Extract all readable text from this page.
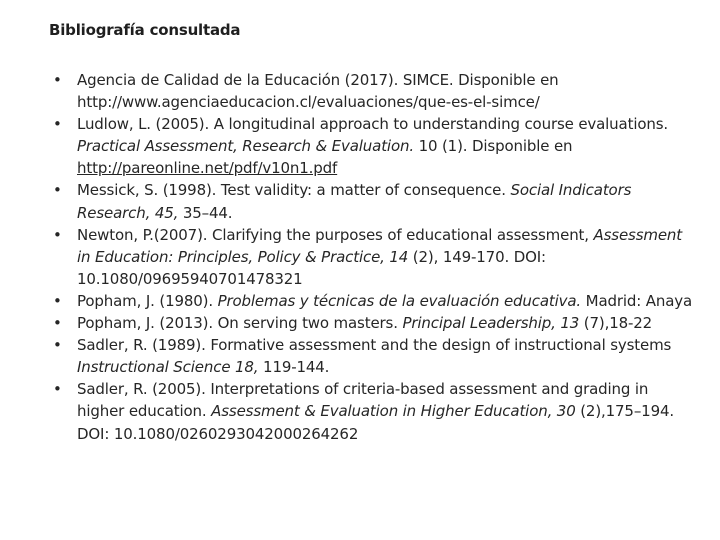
Bibliografía consultada
•	Agencia de Calidad de la Educación (2017). SIMCE. Disponible en http://www.agenciaeducacion.cl/evaluaciones/que-es-el-simce/
•	Ludlow, L. (2005). A longitudinal approach to understanding course evaluations. Practical Assessment, Research & Evaluation. 10 (1). Disponible en http://pareonline.net/pdf/v10n1.pdf
•	Messick, S. (1998). Test validity: a matter of consequence. Social Indicators Research, 45, 35–44.
•	Newton, P.(2007). Clarifying the purposes of educational assessment, Assessment in Education: Principles, Policy & Practice, 14 (2), 149-170. DOI: 10.1080/09695940701478321
•	Popham, J. (1980). Problemas y técnicas de la evaluación educativa. Madrid: Anaya
•	Popham, J. (2013). On serving two masters. Principal Leadership, 13 (7),18-22
•	Sadler, R. (1989). Formative assessment and the design of instructional systems Instructional Science 18, 119-144.
•	Sadler, R. (2005). Interpretations of criteria-based assessment and grading in higher education. Assessment & Evaluation in Higher Education, 30 (2),175–194. DOI: 10.1080/0260293042000264262
